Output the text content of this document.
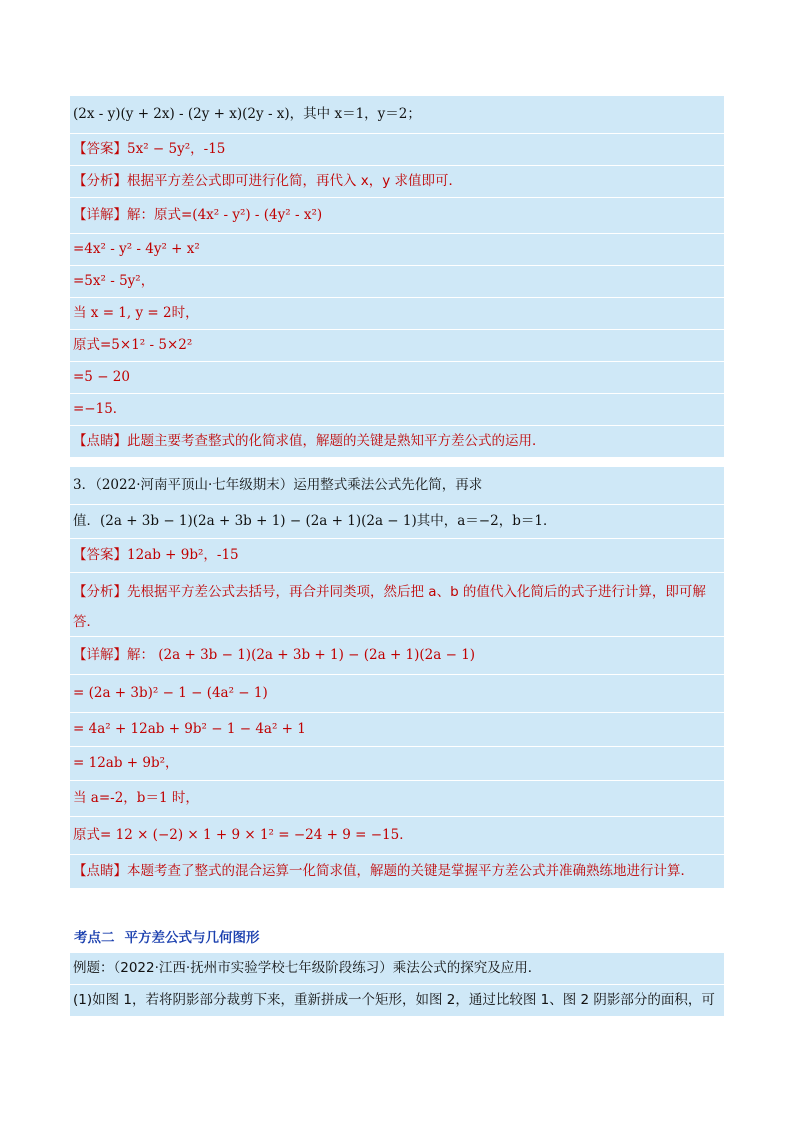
(2x - y)(y + 2x) - (2y + x)(2y - x)，其中 x＝1，y＝2；
【答案】 5x² − 5y²，-15
【分析】 根据平方差公式即可进行化简，再代入 x，y 求值即可．
【详解】 解：原式=(4x² - y²) - (4y² - x²)
=4x² - y² - 4y² + x²
=5x² - 5y²，
当 x = 1, y = 2时，
原式=5×1² - 5×2²
=5 − 20
=−15．
【点睛】 此题主要考查整式的化简求值，解题的关键是熟知平方差公式的运用．
3．（2022·河南平顶山·七年级期末）运用整式乘法公式先化简，再求
值．(2a + 3b − 1)(2a + 3b + 1) − (2a + 1)(2a − 1)其中，a＝−2，b＝1．
【答案】 12ab + 9b²，-15
【分析】先根据平方差公式去括号，再合并同类项，然后把 a、b 的值代入化简后的式子进行计算，即可解答．
【详解】 解： (2a + 3b − 1)(2a + 3b + 1) − (2a + 1)(2a − 1)
= (2a + 3b)² − 1 − (4a² − 1)
= 4a² + 12ab + 9b² − 1 − 4a² + 1
= 12ab + 9b²，
当 a=-2，b＝1 时，
原式= 12 × (−2) × 1 + 9 × 1² = −24 + 9 = −15．
【点睛】 本题考查了整式的混合运算一化简求值，解题的关键是掌握平方差公式并准确熟练地进行计算．
考点二 平方差公式与几何图形
例题：（2022·江西·抚州市实验学校七年级阶段练习）乘法公式的探究及应用．
(1)如图 1，若将阴影部分裁剪下来，重新拼成一个矩形，如图 2，通过比较图 1、图 2 阴影部分的面积，可
